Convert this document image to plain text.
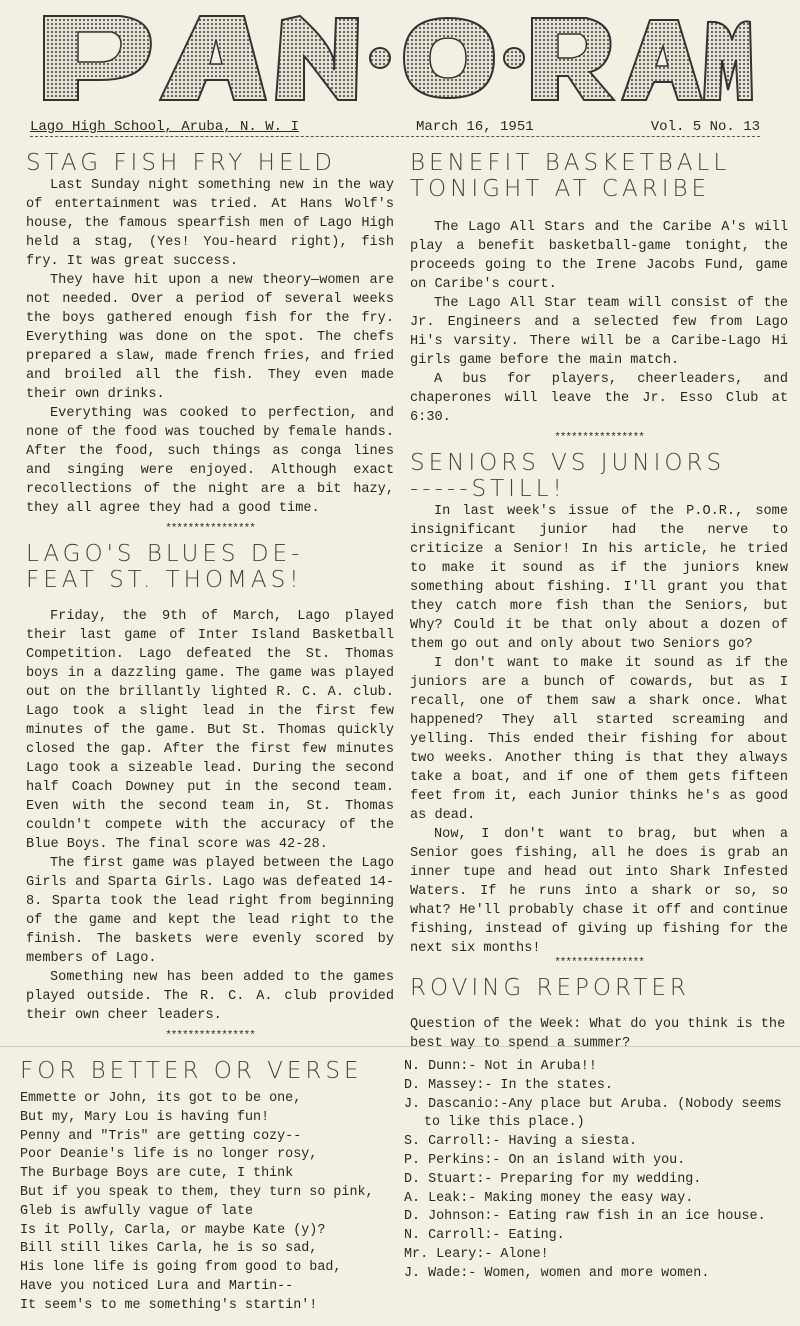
Lago High School, Aruba, N. W. I	March 16, 1951	Vol. 5 No. 13
STAG FISH FRY HELD

Last Sunday night something new in the way of entertainment was tried. At Hans Wolf's house, the famous spearfish men of Lago High held a stag, (Yes! You-heard right), fish fry. It was great success.

They have hit upon a new theory—women are not needed. Over a period of several weeks the boys gathered enough fish for the fry. Everything was done on the spot. The chefs prepared a slaw, made french fries, and fried and broiled all the fish. They even made their own drinks.

Everything was cooked to perfection, and none of the food was touched by female hands. After the food, such things as conga lines and singing were enjoyed. Although exact recollections of the night are a bit hazy, they all agree they had a good time.

****************
LAGO'S BLUES DE-
FEAT ST. THOMAS!

Friday, the 9th of March, Lago played their last game of Inter Island Basketball Competition. Lago defeated the St. Thomas boys in a dazzling game. The game was played out on the brillantly lighted R. C. A. club. Lago took a slight lead in the first few minutes of the game. But St. Thomas quickly closed the gap. After the first few minutes Lago took a sizeable lead. During the second half Coach Downey put in the second team. Even with the second team in, St. Thomas couldn't compete with the accuracy of the Blue Boys. The final score was 42-28.

The first game was played between the Lago Girls and Sparta Girls. Lago was defeated 14-8. Sparta took the lead right from beginning of the game and kept the lead right to the finish. The baskets were evenly scored by members of Lago.

Something new has been added to the games played outside. The R. C. A. club provided their own cheer leaders.

****************
BENEFIT BASKETBALL
TONIGHT AT CARIBE

The Lago All Stars and the Caribe A's will play a benefit basketball-game tonight, the proceeds going to the Irene Jacobs Fund, game on Caribe's court.

The Lago All Star team will consist of the Jr. Engineers and a selected few from Lago Hi's varsity. There will be a Caribe-Lago Hi girls game before the main match.

A bus for players, cheerleaders, and chaperones will leave the Jr. Esso Club at 6:30.

****************
SENIORS VS JUNIORS
-----STILL!

In last week's issue of the P.O.R., some insignificant junior had the nerve to criticize a Senior! In his article, he tried to make it sound as if the juniors knew something about fishing. I'll grant you that they catch more fish than the Seniors, but Why? Could it be that only about a dozen of them go out and only about two Seniors go?

I don't want to make it sound as if the juniors are a bunch of cowards, but as I recall, one of them saw a shark once. What happened? They all started screaming and yelling. This ended their fishing for about two weeks. Another thing is that they always take a boat, and if one of them gets fifteen feet from it, each Junior thinks he's as good as dead.

Now, I don't want to brag, but when a Senior goes fishing, all he does is grab an inner tupe and head out into Shark Infested Waters. If he runs into a shark or so, so what? He'll probably chase it off and continue fishing, instead of giving up fishing for the next six months!

****************
ROVING REPORTER

Question of the Week: What do you think is the best way to spend a summer?

FOR BETTER OR VERSE

Emmette or John, its got to be one,

But my, Mary Lou is having fun!

Penny and "Tris" are getting cozy--

Poor Deanie's life is no longer rosy,

The Burbage Boys are cute, I think

But if you speak to them, they turn so pink,

Gleb is awfully vague of late

Is it Polly, Carla, or maybe Kate (y)?

Bill still likes Carla, he is so sad,

His lone life is going from good to bad,

Have you noticed Lura and Martin--

It seem's to me something's startin'!

N. Dunn:- Not in Aruba!!

D. Massey:- In the states.

J. Dascanio:-Any place but Aruba. (Nobody seems to like this place.)

S. Carroll:- Having a siesta.

P. Perkins:- On an island with you.

D. Stuart:- Preparing for my wedding.

A. Leak:- Making money the easy way.

D. Johnson:- Eating raw fish in an ice house.

N. Carroll:- Eating.

Mr. Leary:- Alone!

J. Wade:- Women, women and more women.
